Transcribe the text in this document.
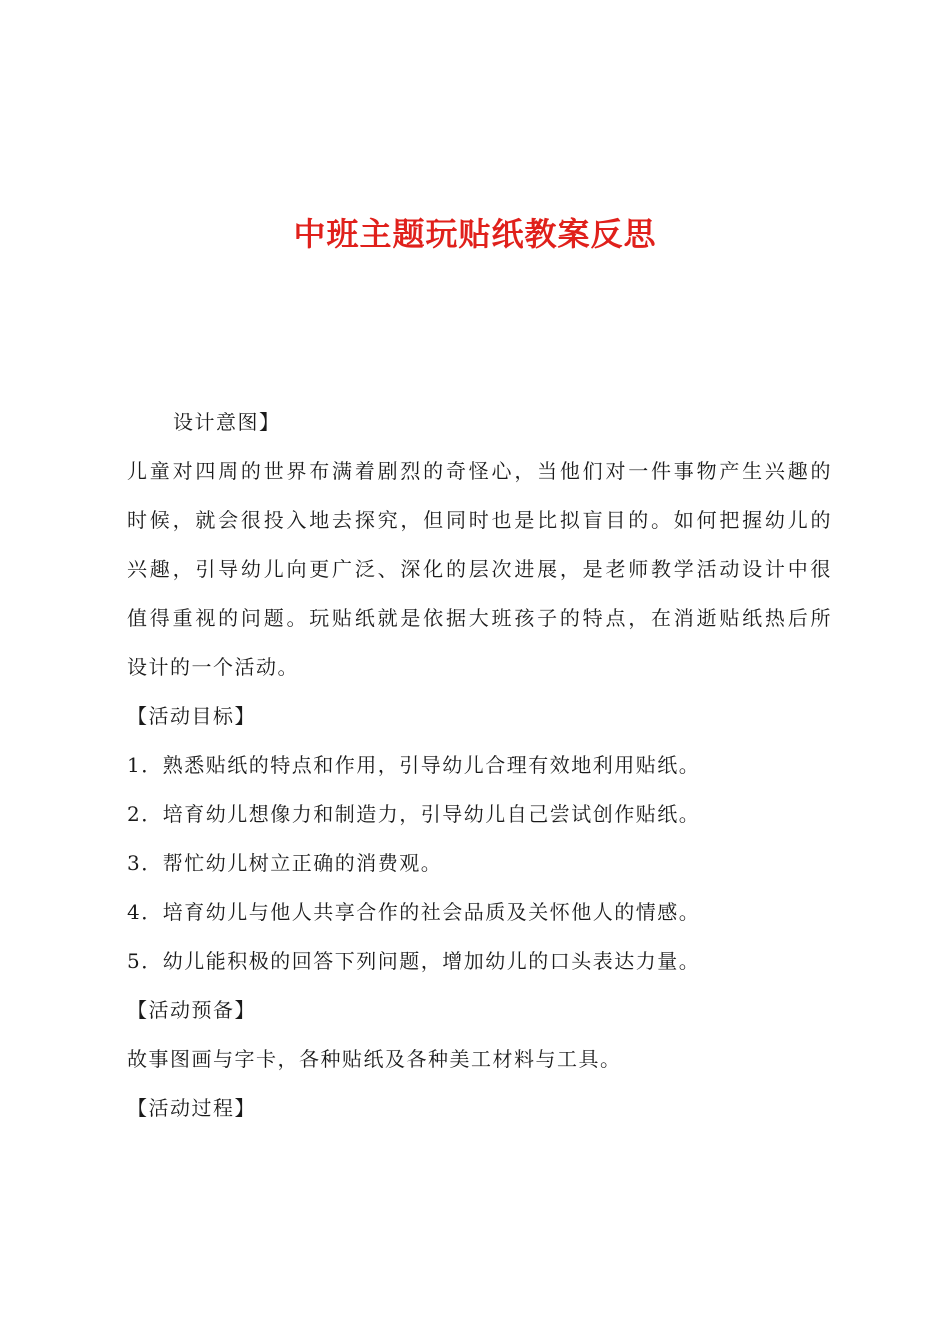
中班主题玩贴纸教案反思

设计意图】

儿童对四周的世界布满着剧烈的奇怪心，当他们对一件事物产生兴趣的

时候，就会很投入地去探究，但同时也是比拟盲目的。如何把握幼儿的

兴趣，引导幼儿向更广泛、深化的层次进展，是老师教学活动设计中很

值得重视的问题。玩贴纸就是依据大班孩子的特点，在消逝贴纸热后所

设计的一个活动。

【活动目标】

1．熟悉贴纸的特点和作用，引导幼儿合理有效地利用贴纸。

2．培育幼儿想像力和制造力，引导幼儿自己尝试创作贴纸。

3．帮忙幼儿树立正确的消费观。

4．培育幼儿与他人共享合作的社会品质及关怀他人的情感。

5．幼儿能积极的回答下列问题，增加幼儿的口头表达力量。

【活动预备】

故事图画与字卡，各种贴纸及各种美工材料与工具。

【活动过程】
